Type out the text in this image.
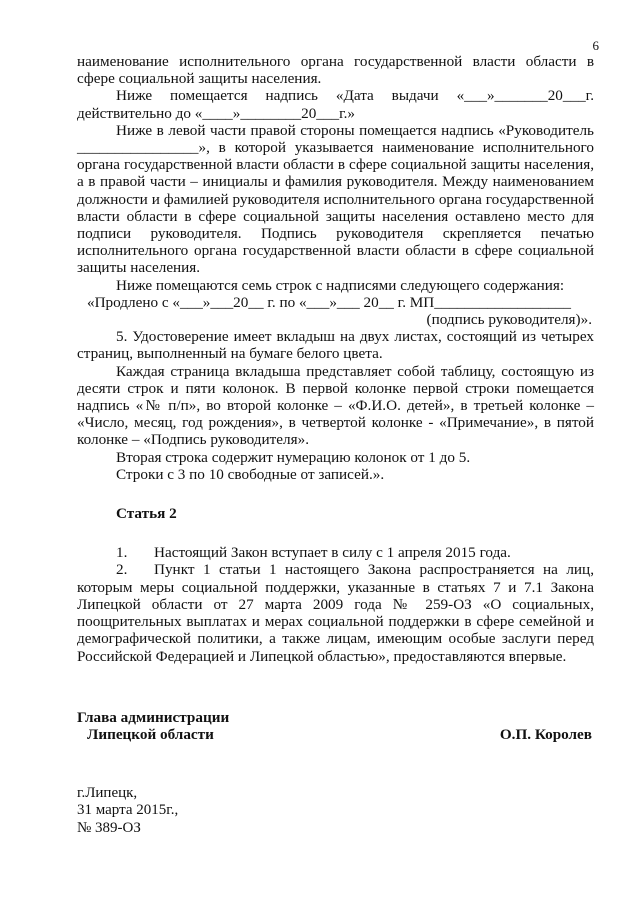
6

наименование исполнительного органа государственной власти области в сфере социальной защиты населения.

Ниже помещается надпись «Дата выдачи «___»_______20___г. действительно до «____»________20___г.»

Ниже в левой части правой стороны помещается надпись «Руководитель ________________», в которой указывается наименование исполнительного органа государственной власти области в сфере социальной защиты населения, а в правой части – инициалы и фамилия руководителя. Между наименованием должности и фамилией руководителя исполнительного органа государственной власти области в сфере социальной защиты населения оставлено место для подписи руководителя. Подпись руководителя скрепляется печатью исполнительного органа государственной власти области в сфере социальной защиты населения.

Ниже помещаются семь строк с надписями следующего содержания:

«Продлено с «___»___20__ г. по «___»___ 20__ г. МП__________________

(подпись руководителя)».

5. Удостоверение имеет вкладыш на двух листах, состоящий из четырех страниц, выполненный на бумаге белого цвета.

Каждая страница вкладыша представляет собой таблицу, состоящую из десяти строк и пяти колонок. В первой колонке первой строки помещается надпись «№ п/п», во второй колонке – «Ф.И.О. детей», в третьей колонке – «Число, месяц, год рождения», в четвертой колонке - «Примечание», в пятой колонке – «Подпись руководителя».

Вторая строка содержит нумерацию колонок от 1 до 5.

Строки с 3 по 10 свободные от записей.».

Статья 2

1. Настоящий Закон вступает в силу с 1 апреля 2015 года.

2. Пункт 1 статьи 1 настоящего Закона распространяется на лиц, которым меры социальной поддержки, указанные в статьях 7 и 7.1 Закона Липецкой области от 27 марта 2009 года № 259-ОЗ «О социальных, поощрительных выплатах и мерах социальной поддержки в сфере семейной и демографической политики, а также лицам, имеющим особые заслуги перед Российской Федерацией и Липецкой областью», предоставляются впервые.

Глава администрации
Липецкой области	О.П. Королев
г.Липецк,
31 марта 2015г.,
№ 389-ОЗ
